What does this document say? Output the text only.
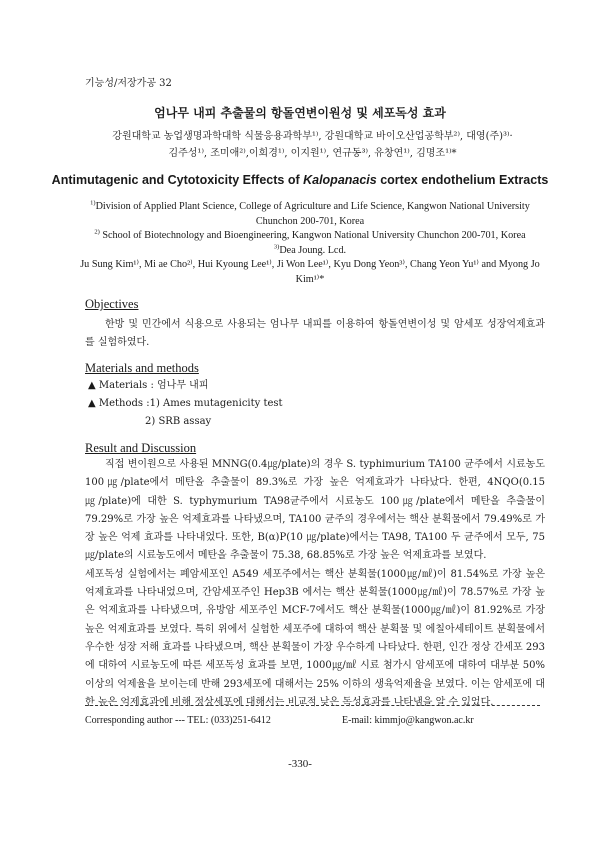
기능성/저장가공 32
엄나무 내피 추출물의 항돌연변이원성 및 세포독성 효과
강원대학교 농업생명과학대학 식물응용과학부¹⁾, 강원대학교 바이오산업공학부²⁾, 대영(주)³⁾·
김주성¹⁾, 조미애²⁾,이희경¹⁾, 이지원¹⁾, 연규동³⁾, 유창연¹⁾, 김명조¹⁾*
Antimutagenic and Cytotoxicity Effects of Kalopanacis cortex endothelium Extracts

$^{1)}$Division of Applied Plant Science, College of Agriculture and Life Science, Kangwon National University Chunchon 200-701, Korea

$^{2)}$ School of Biotechnology and Bioengineering, Kangwon National University Chunchon 200-701, Korea

$^{3)}$Dea Joung. Lcd.

Ju Sung Kim¹⁾, Mi ae Cho²⁾, Hui Kyoung Lee¹⁾, Ji Won Lee¹⁾, Kyu Dong Yeon³⁾, Chang Yeon Yu¹⁾ and Myong Jo Kim¹⁾*

Objectives

한방 및 민간에서 식용으로 사용되는 엄나무 내피를 이용하여 항돌연변이성 및 암세포 성장억제효과를 실험하였다.

Materials and methods
▲ Materials : 엄나무 내피
▲ Methods :1) Ames mutagenicity test
2) SRB assay
Result and Discussion

직접 변이원으로 사용된 MNNG(0.4㎍/plate)의 경우 S. typhimurium TA100 균주에서 시료농도 100㎍/plate에서 메탄올 추출물이 89.3%로 가장 높은 억제효과가 나타났다. 한편, 4NQO(0.15 ㎍/plate)에 대한 S. typhymurium TA98균주에서 시료농도 100㎍/plate에서 메탄올 추출물이 79.29%로 가장 높은 억제효과를 나타냈으며, TA100 균주의 경우에서는 핵산 분획물에서 79.49%로 가장 높은 억제 효과를 나타내었다. 또한, B(α)P(10 ㎍/plate)에서는 TA98, TA100 두 균주에서 모두, 75㎍/plate의 시료농도에서 메탄올 추출물이 75.38, 68.85%로 가장 높은 억제효과를 보였다.

세포독성 실험에서는 폐암세포인 A549 세포주에서는 핵산 분획물(1000㎍/㎖)이 81.54%로 가장 높은 억제효과를 나타내었으며, 간암세포주인 Hep3B 에서는 핵산 분획물(1000㎍/㎖)이 78.57%로 가장 높은 억제효과를 나타냈으며, 유방암 세포주인 MCF-7에서도 핵산 분획물(1000㎍/㎖)이 81.92%로 가장 높은 억제효과를 보였다. 특히 위에서 실험한 세포주에 대하여 핵산 분획물 및 에칠아세테이트 분획물에서 우수한 성장 저해 효과를 나타냈으며, 핵산 분획물이 가장 우수하게 나타났다. 한편, 인간 정상 간세포 293에 대하여 시료농도에 따른 세포독성 효과를 보면, 1000㎍/㎖ 시료 첨가시 암세포에 대하여 대부분 50% 이상의 억제율을 보이는데 반해 293세포에 대해서는 25% 이하의 생육억제율을 보였다. 이는 암세포에 대한 높은 억제효과에 비해 정상세포에 대해서는 비교적 낮은 독성효과를 나타냄을 알 수 있었다.

Corresponding author --- TEL: (033)251-6412	E-mail: kimmjo@kangwon.ac.kr
-330-
